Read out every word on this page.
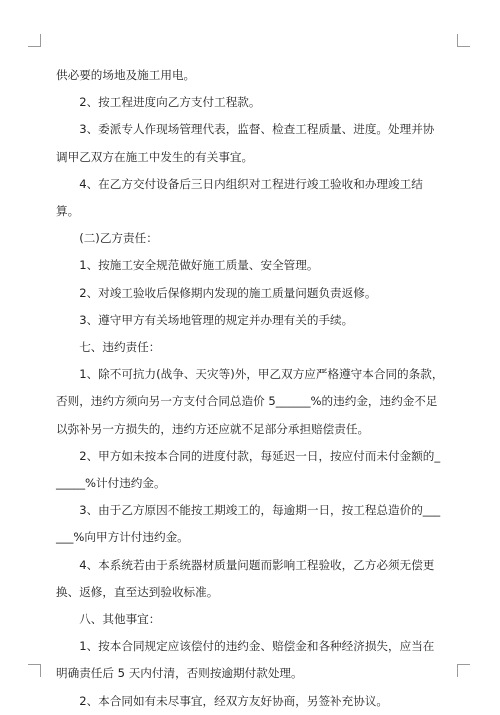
供必要的场地及施工用电。

2、按工程进度向乙方支付工程款。

3、委派专人作现场管理代表，监督、检查工程质量、进度。处理并协调甲乙双方在施工中发生的有关事宜。

4、在乙方交付设备后三日内组织对工程进行竣工验收和办理竣工结算。

(二)乙方责任：

1、按施工安全规范做好施工质量、安全管理。

2、对竣工验收后保修期内发现的施工质量问题负责返修。

3、遵守甲方有关场地管理的规定并办理有关的手续。

七、违约责任：

1、除不可抗力(战争、天灾等)外，甲乙双方应严格遵守本合同的条款，否则，违约方须向另一方支付合同总造价 5______%的违约金，违约金不足以弥补另一方损失的，违约方还应就不足部分承担赔偿责任。

2、甲方如未按本合同的进度付款，每延迟一日，按应付而未付金额的______%计付违约金。

3、由于乙方原因不能按工期竣工的，每逾期一日，按工程总造价的______%向甲方计付违约金。

4、本系统若由于系统器材质量问题而影响工程验收，乙方必须无偿更换、返修，直至达到验收标准。

八、其他事宜：

1、按本合同规定应该偿付的违约金、赔偿金和各种经济损失，应当在明确责任后 5 天内付清，否则按逾期付款处理。

2、本合同如有未尽事宜，经双方友好协商，另签补充协议。
